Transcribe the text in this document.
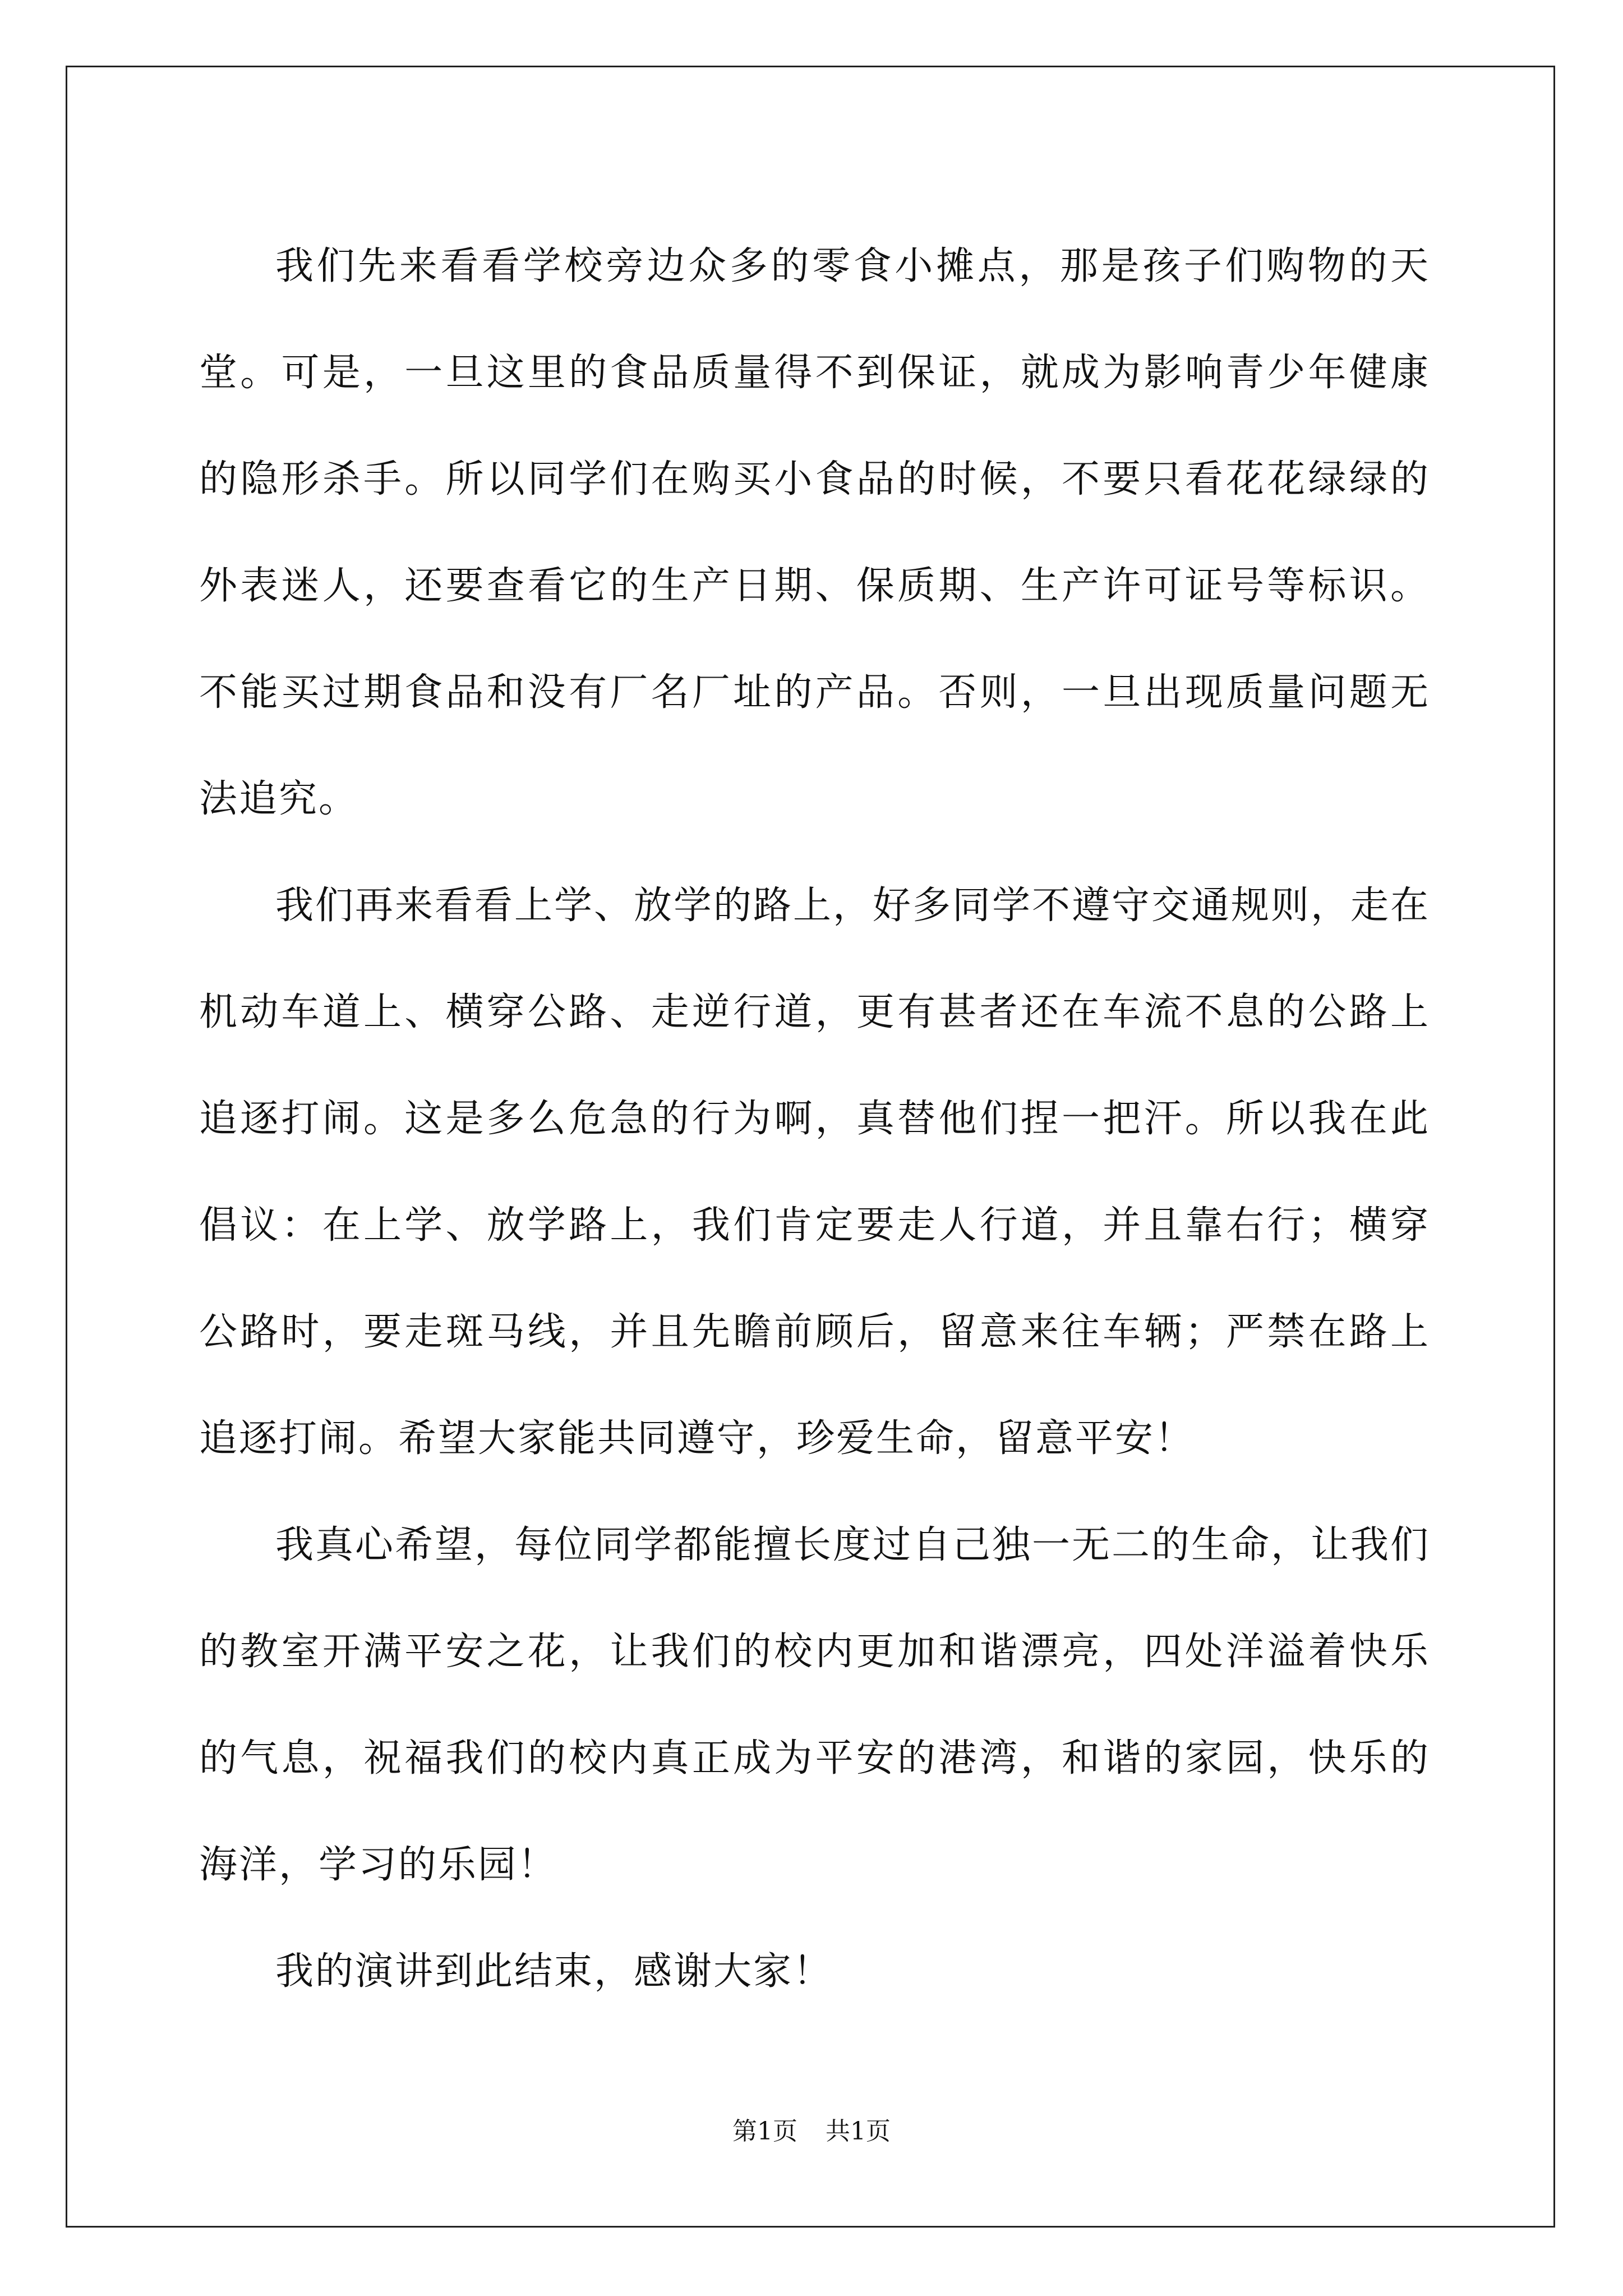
我们先来看看学校旁边众多的零食小摊点，那是孩子们购物的天堂。可是，一旦这里的食品质量得不到保证，就成为影响青少年健康的隐形杀手。所以同学们在购买小食品的时候，不要只看花花绿绿的外表迷人，还要查看它的生产日期、保质期、生产许可证号等标识。不能买过期食品和没有厂名厂址的产品。否则，一旦出现质量问题无法追究。

我们再来看看上学、放学的路上，好多同学不遵守交通规则，走在机动车道上、横穿公路、走逆行道，更有甚者还在车流不息的公路上追逐打闹。这是多么危急的行为啊，真替他们捏一把汗。所以我在此倡议：在上学、放学路上，我们肯定要走人行道，并且靠右行；横穿公路时，要走斑马线，并且先瞻前顾后，留意来往车辆；严禁在路上追逐打闹。希望大家能共同遵守，珍爱生命，留意平安！

我真心希望，每位同学都能擅长度过自己独一无二的生命，让我们的教室开满平安之花，让我们的校内更加和谐漂亮，四处洋溢着快乐的气息，祝福我们的校内真正成为平安的港湾，和谐的家园，快乐的海洋，学习的乐园！

我的演讲到此结束，感谢大家！

第1页 共1页
